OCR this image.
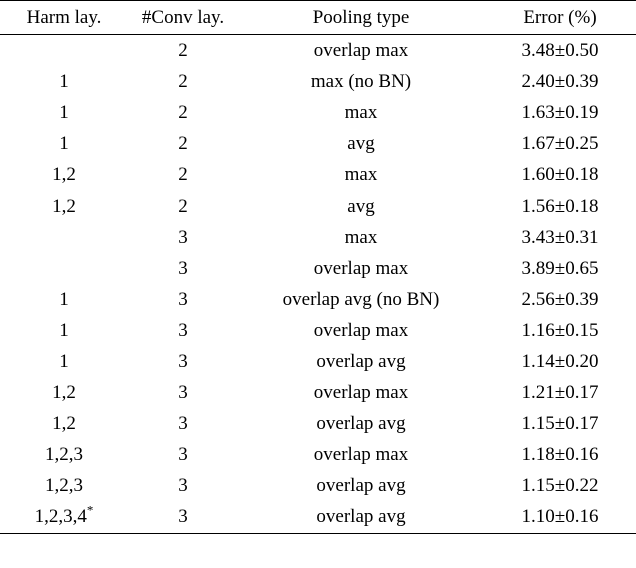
Harm lay.	#Conv lay.	Pooling type	Error (%)

	2	overlap max	3.48±0.50
1	2	max (no BN)	2.40±0.39
1	2	max	1.63±0.19
1	2	avg	1.67±0.25
1,2	2	max	1.60±0.18
1,2	2	avg	1.56±0.18
	3	max	3.43±0.31
	3	overlap max	3.89±0.65
1	3	overlap avg (no BN)	2.56±0.39
1	3	overlap max	1.16±0.15
1	3	overlap avg	1.14±0.20
1,2	3	overlap max	1.21±0.17
1,2	3	overlap avg	1.15±0.17
1,2,3	3	overlap max	1.18±0.16
1,2,3	3	overlap avg	1.15±0.22
1,2,3,4*	3	overlap avg	1.10±0.16
